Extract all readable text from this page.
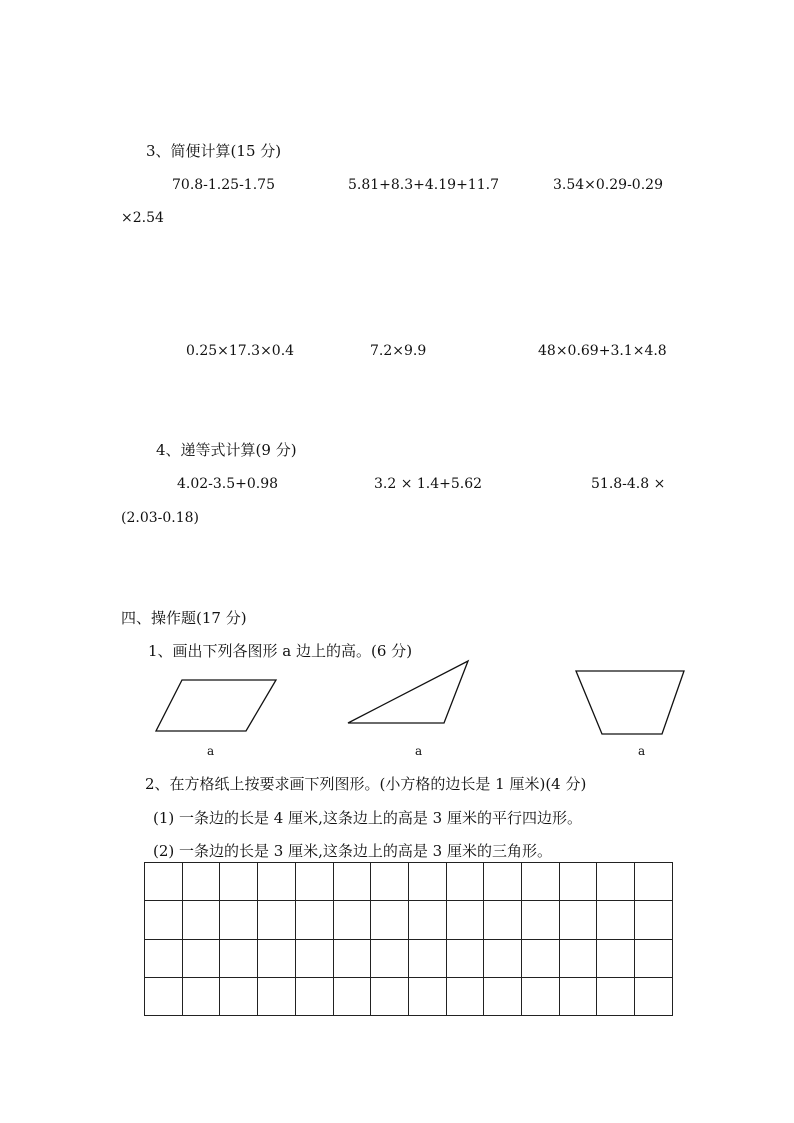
3、简便计算(15 分)
70.8-1.25-1.75	5.81+8.3+4.19+11.7	3.54×0.29-0.29
×2.54
0.25×17.3×0.4	7.2×9.9	48×0.69+3.1×4.8
4、递等式计算(9 分)
4.02-3.5+0.98	3.2 × 1.4+5.62	51.8-4.8 ×
(2.03-0.18)
四、操作题(17 分)
1、画出下列各图形 a 边上的高。(6 分)
a	a	a
2、在方格纸上按要求画下列图形。(小方格的边长是 1 厘米)(4 分)
(1) 一条边的长是 4 厘米,这条边上的高是 3 厘米的平行四边形。
(2) 一条边的长是 3 厘米,这条边上的高是 3 厘米的三角形。
